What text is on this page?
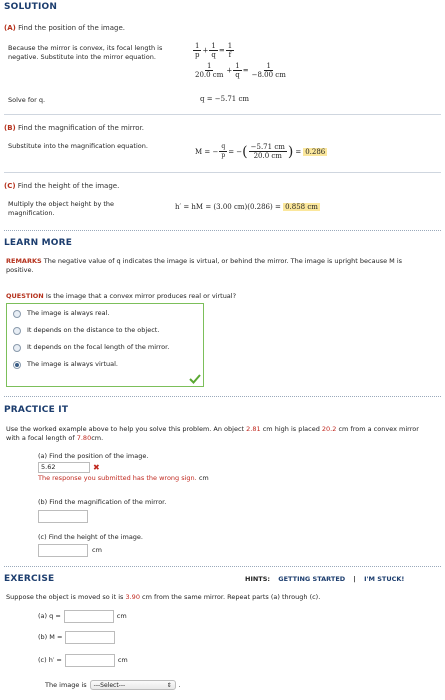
SOLUTION
(A) Find the position of the image.
Because the mirror is convex, its focal length is negative. Substitute into the mirror equation.	$\frac{1}{p} + \frac{1}{q} = \frac{1}{f}$
$\frac{1}{20.0 cm} + \frac{1}{q} = \frac{1}{-8.00 cm}$
Solve for q.	q = −5.71 cm
(B) Find the magnification of the mirror.
Substitute into the magnification equation.
M = − $\frac{q}{p}$ = − ( $\frac{-5.71 cm}{20.0 cm}$ ) = 0.286
(C) Find the height of the image.
Multiply the object height by the magnification.
h′ = hM = (3.00 cm)(0.286) = 0.858 cm
LEARN MORE
REMARKS The negative value of q indicates the image is virtual, or behind the mirror. The image is upright because M is positive.
QUESTION Is the image that a convex mirror produces real or virtual?
The image is always real.
It depends on the distance to the object.
It depends on the focal length of the mirror.
The image is always virtual.
PRACTICE IT
Use the worked example above to help you solve this problem. An object 2.81 cm high is placed 20.2 cm from a convex mirror with a focal length of 7.80cm.
(a) Find the position of the image.
5.62	✖
The response you submitted has the wrong sign. cm
(b) Find the magnification of the mirror.
(c) Find the height of the image.
cm
EXERCISE	HINTS: GETTING STARTED | I'M STUCK!
Suppose the object is moved so it is 3.90 cm from the same mirror. Repeat parts (a) through (c).
(a) q =	cm
(b) M =
(c) h′ =	cm
The image is ---Select---	⇕ .
